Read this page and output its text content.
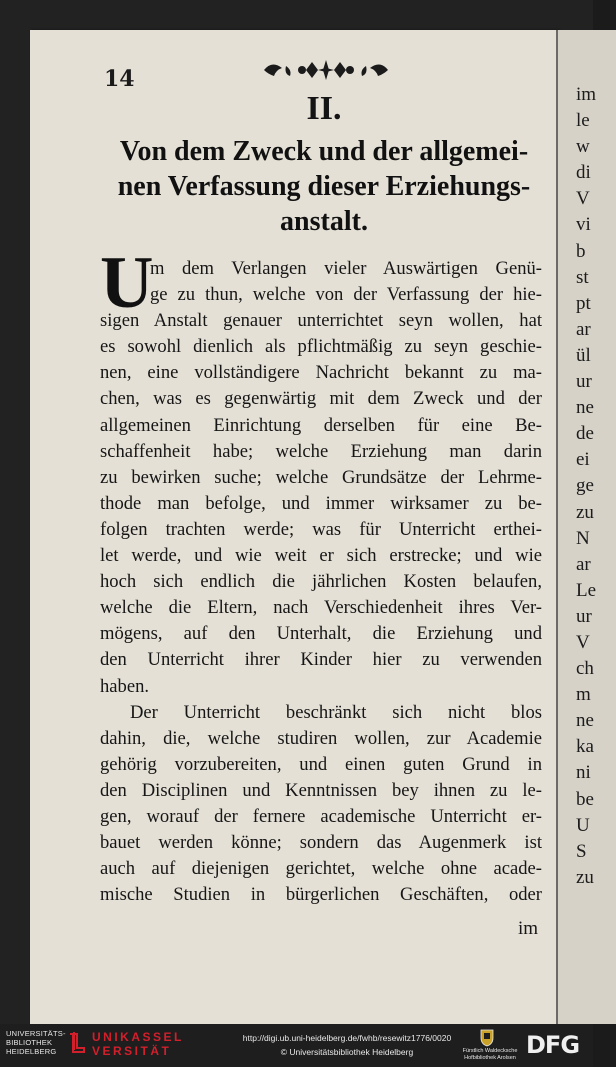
14
II.
Von dem Zweck und der allgemei-
nen Verfassung dieser Erziehungs-
anstalt.
U
m dem Verlangen vieler Auswärtigen Genü-
ge zu thun, welche von der Verfassung der hie-
sigen Anstalt genauer unterrichtet seyn wollen, hat
es sowohl dienlich als pflichtmäßig zu seyn geschie-
nen, eine vollständigere Nachricht bekannt zu ma-
chen, was es gegenwärtig mit dem Zweck und der
allgemeinen Einrichtung derselben für eine Be-
schaffenheit habe; welche Erziehung man darin
zu bewirken suche; welche Grundsätze der Lehrme-
thode man befolge, und immer wirksamer zu be-
folgen trachten werde; was für Unterricht erthei-
let werde, und wie weit er sich erstrecke; und wie
hoch sich endlich die jährlichen Kosten belaufen,
welche die Eltern, nach Verschiedenheit ihres Ver-
mögens, auf den Unterhalt, die Erziehung und
den Unterricht ihrer Kinder hier zu verwenden
haben.
Der Unterricht beschränkt sich nicht blos
dahin, die, welche studiren wollen, zur Academie
gehörig vorzubereiten, und einen guten Grund in
den Disciplinen und Kenntnissen bey ihnen zu le-
gen, worauf der fernere academische Unterricht er-
bauet werden könne; sondern das Augenmerk ist
auch auf diejenigen gerichtet, welche ohne acade-
mische Studien in bürgerlichen Geschäften, oder
im
im
le
w
di
V
vi
b
st
pt
ar
ül
ur
ne
de
ei
ge
zu
N
ar
Le
ur
V
ch
m
ne
ka
ni
be
U
S
zu
UNIVERSITÄTS-
BIBLIOTHEK
HEIDELBERG
UNIKASSEL
VERSITÄT
http://digi.ub.uni-heidelberg.de/fwhb/resewitz1776/0020
© Universitätsbibliothek Heidelberg	Fürstlich Waldecksche
Hofbibliothek Arolsen DFG
